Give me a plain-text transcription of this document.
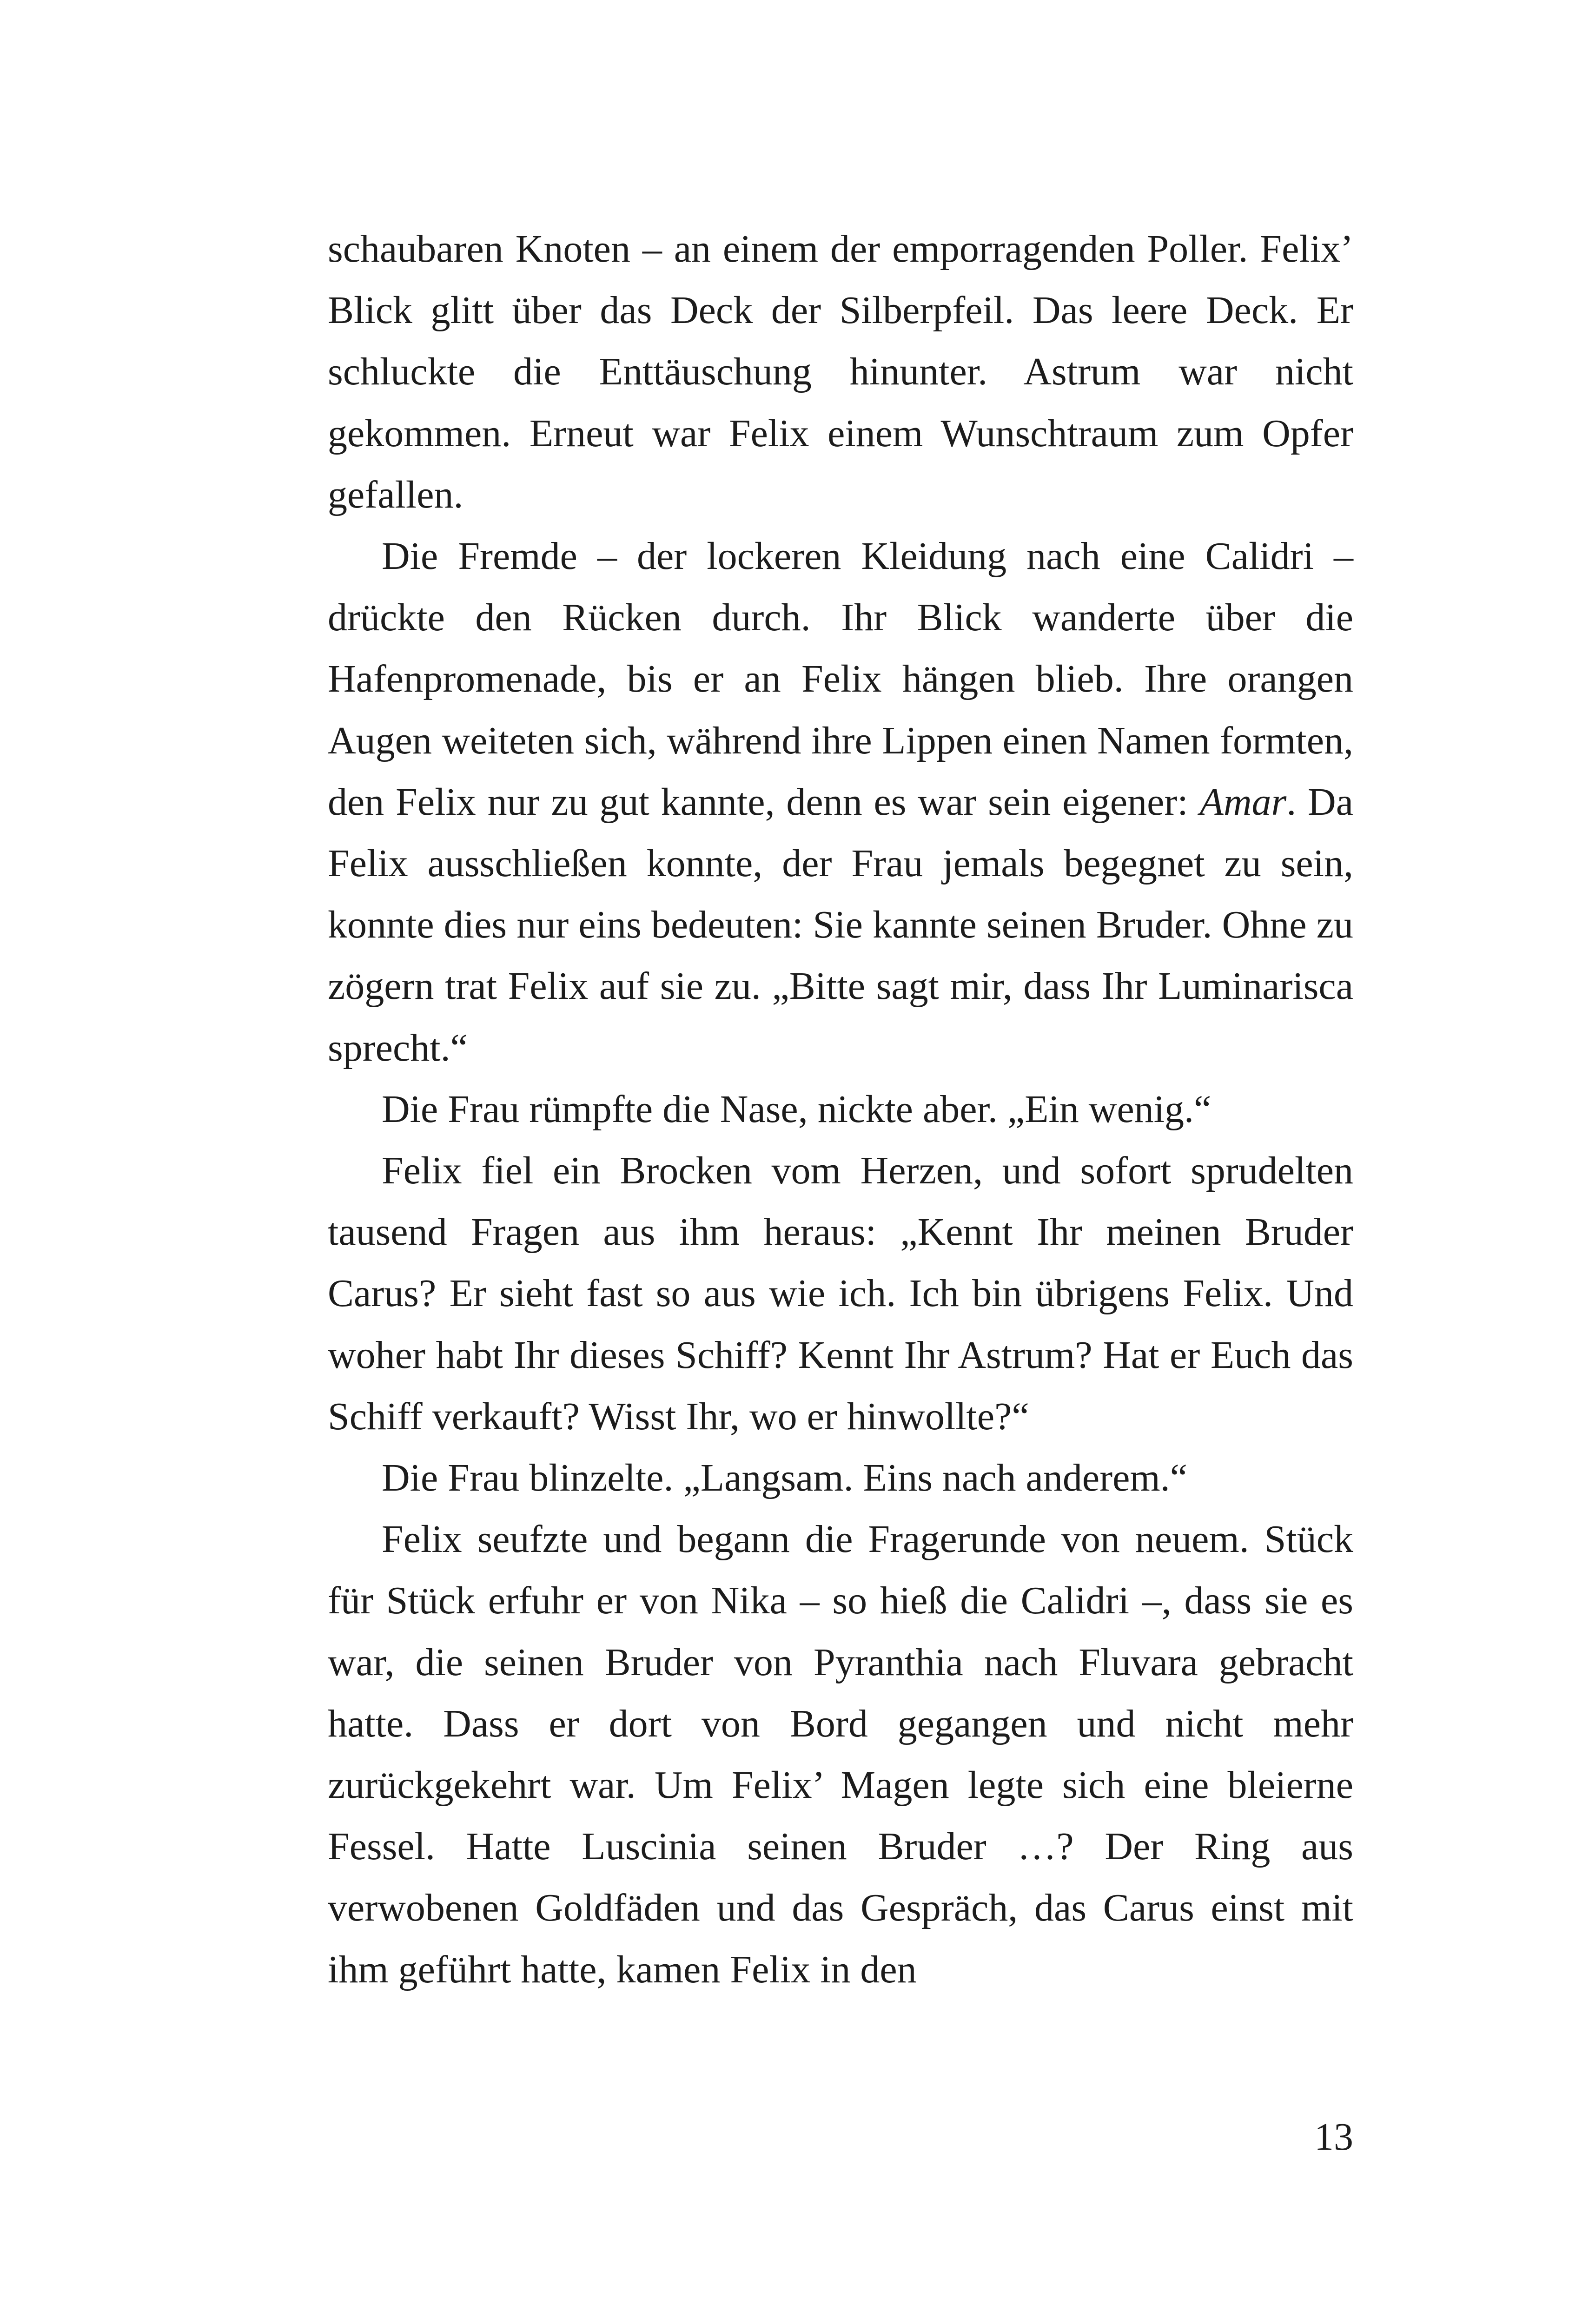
schaubaren Knoten – an einem der emporragenden Poller. Felix’ Blick glitt über das Deck der Silberpfeil. Das leere Deck. Er schluckte die Enttäuschung hinunter. Astrum war nicht gekommen. Erneut war Felix einem Wunschtraum zum Opfer gefallen.

Die Fremde – der lockeren Kleidung nach eine Calidri – drückte den Rücken durch. Ihr Blick wanderte über die Hafenpromenade, bis er an Felix hängen blieb. Ihre orangen Augen weiteten sich, während ihre Lippen einen Namen formten, den Felix nur zu gut kannte, denn es war sein eigener: Amar. Da Felix ausschließen konnte, der Frau jemals begegnet zu sein, konnte dies nur eins bedeuten: Sie kannte seinen Bruder. Ohne zu zögern trat Felix auf sie zu. „Bitte sagt mir, dass Ihr Luminarisca sprecht.“

Die Frau rümpfte die Nase, nickte aber. „Ein wenig.“

Felix fiel ein Brocken vom Herzen, und sofort sprudelten tausend Fragen aus ihm heraus: „Kennt Ihr meinen Bruder Carus? Er sieht fast so aus wie ich. Ich bin übrigens Felix. Und woher habt Ihr dieses Schiff? Kennt Ihr Astrum? Hat er Euch das Schiff verkauft? Wisst Ihr, wo er hinwollte?“

Die Frau blinzelte. „Langsam. Eins nach anderem.“

Felix seufzte und begann die Fragerunde von neuem. Stück für Stück erfuhr er von Nika – so hieß die Calidri –, dass sie es war, die seinen Bruder von Pyranthia nach Fluvara gebracht hatte. Dass er dort von Bord gegangen und nicht mehr zurückgekehrt war. Um Felix’ Magen legte sich eine bleierne Fessel. Hatte Luscinia seinen Bruder …? Der Ring aus verwobenen Goldfäden und das Gespräch, das Carus einst mit ihm geführt hatte, kamen Felix in den

13
